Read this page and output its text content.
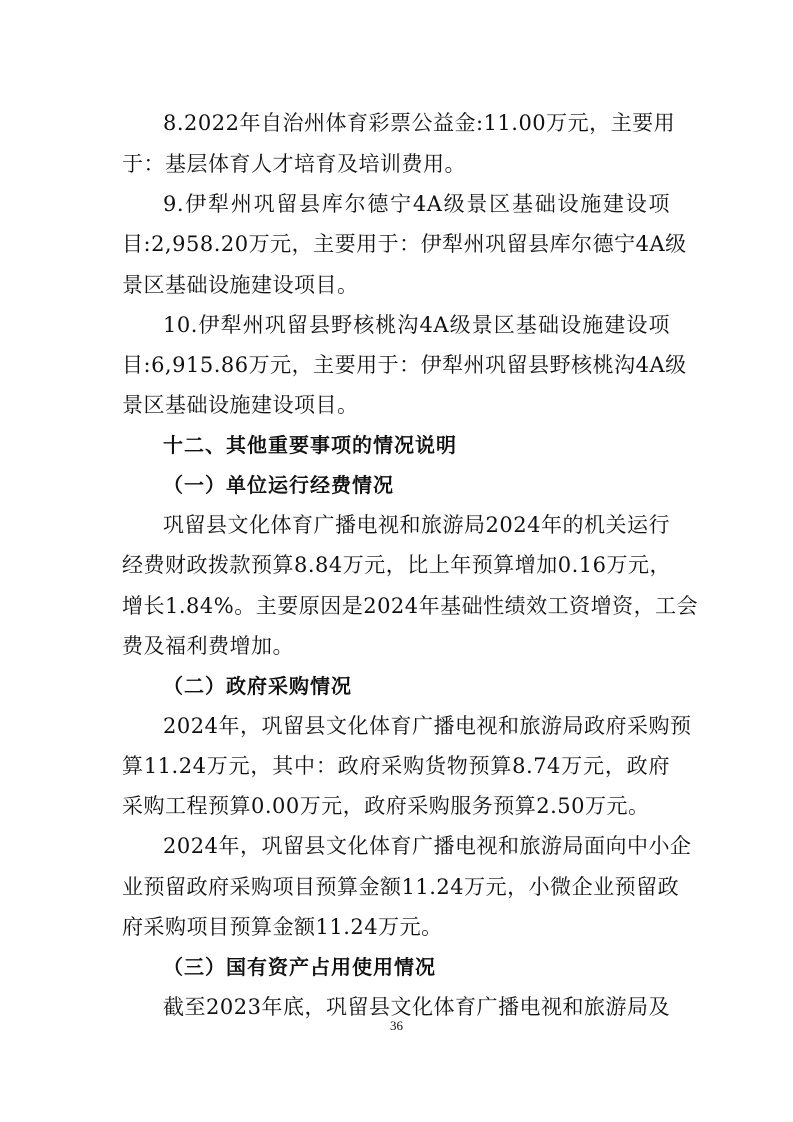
8.2022年自治州体育彩票公益金:11.00万元，主要用
于：基层体育人才培育及培训费用。
9.伊犁州巩留县库尔德宁4A级景区基础设施建设项
目:2,958.20万元，主要用于：伊犁州巩留县库尔德宁4A级
景区基础设施建设项目。
10.伊犁州巩留县野核桃沟4A级景区基础设施建设项
目:6,915.86万元，主要用于：伊犁州巩留县野核桃沟4A级
景区基础设施建设项目。
十二、其他重要事项的情况说明
（一）单位运行经费情况
巩留县文化体育广播电视和旅游局2024年的机关运行
经费财政拨款预算8.84万元，比上年预算增加0.16万元，
增长1.84%。主要原因是2024年基础性绩效工资增资，工会
费及福利费增加。
（二）政府采购情况
2024年，巩留县文化体育广播电视和旅游局政府采购预
算11.24万元，其中：政府采购货物预算8.74万元，政府
采购工程预算0.00万元，政府采购服务预算2.50万元。
2024年，巩留县文化体育广播电视和旅游局面向中小企
业预留政府采购项目预算金额11.24万元，小微企业预留政
府采购项目预算金额11.24万元。
（三）国有资产占用使用情况
截至2023年底，巩留县文化体育广播电视和旅游局及
36
